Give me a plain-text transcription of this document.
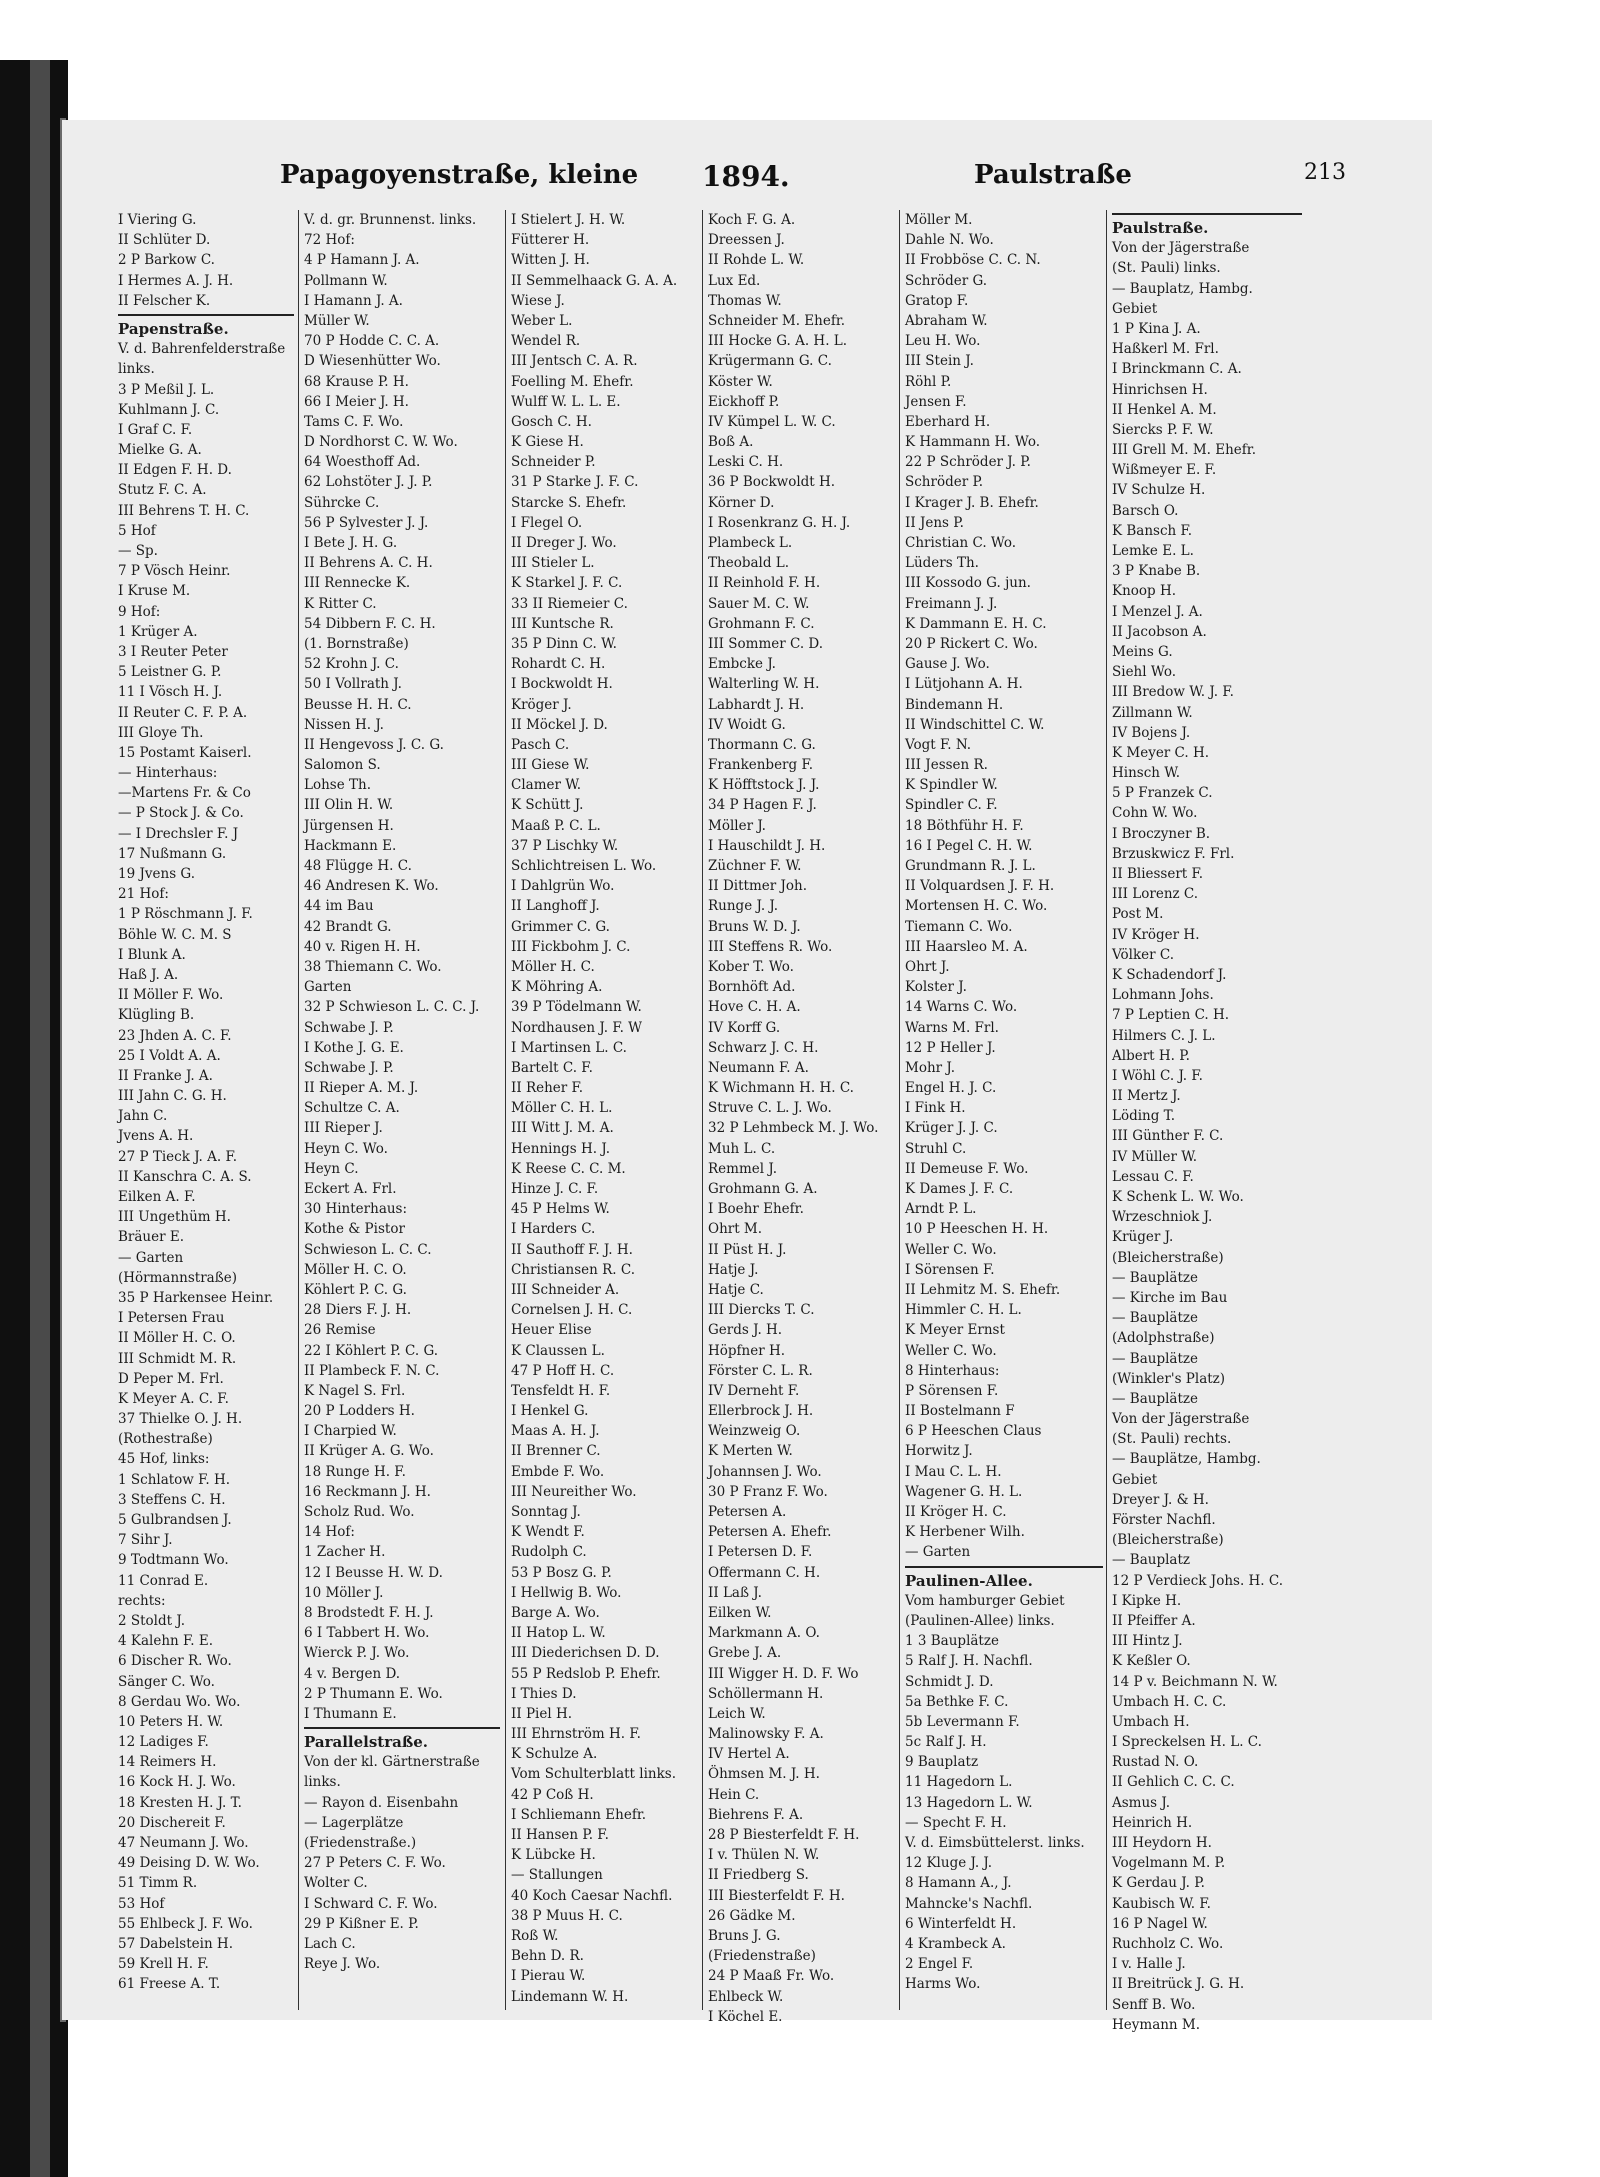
Papagoyenstraße, kleine 1894.	Paulstraße	213
I Viering G.
II Schlüter D.
2 P Barkow C.
I Hermes A. J. H.
II Felscher K.
Papenstraße.
V. d. Bahrenfelderstraße
links.
3 P Meßil J. L.
Kuhlmann J. C.
I Graf C. F.
Mielke G. A.
II Edgen F. H. D.
Stutz F. C. A.
III Behrens T. H. C.
5 Hof
— Sp.
7 P Vösch Heinr.
I Kruse M.
9 Hof:
1 Krüger A.
3 I Reuter Peter
5 Leistner G. P.
11 I Vösch H. J.
II Reuter C. F. P. A.
III Gloye Th.
15 Postamt Kaiserl.
— Hinterhaus:
—Martens Fr. & Co
— P Stock J. & Co.
— I Drechsler F. J
17 Nußmann G.
19 Jvens G.
21 Hof:
1 P Röschmann J. F.
Böhle W. C. M. S
I Blunk A.
Haß J. A.
II Möller F. Wo.
Klügling B.
23 Jhden A. C. F.
25 I Voldt A. A.
II Franke J. A.
III Jahn C. G. H.
Jahn C.
Jvens A. H.
27 P Tieck J. A. F.
II Kanschra C. A. S.
Eilken A. F.
III Ungethüm H.
Bräuer E.
— Garten
(Hörmannstraße)
35 P Harkensee Heinr.
I Petersen Frau
II Möller H. C. O.
III Schmidt M. R.
D Peper M. Frl.
K Meyer A. C. F.
37 Thielke O. J. H.
(Rothestraße)
45 Hof, links:
1 Schlatow F. H.
3 Steffens C. H.
5 Gulbrandsen J.
7 Sihr J.
9 Todtmann Wo.
11 Conrad E.
rechts:
2 Stoldt J.
4 Kalehn F. E.
6 Discher R. Wo.
Sänger C. Wo.
8 Gerdau Wo. Wo.
10 Peters H. W.
12 Ladiges F.
14 Reimers H.
16 Kock H. J. Wo.
18 Kresten H. J. T.
20 Dischereit F.
47 Neumann J. Wo.
49 Deising D. W. Wo.
51 Timm R.
53 Hof
55 Ehlbeck J. F. Wo.
57 Dabelstein H.
59 Krell H. F.
61 Freese A. T.
V. d. gr. Brunnenst. links.
72 Hof:
4 P Hamann J. A.
Pollmann W.
I Hamann J. A.
Müller W.
70 P Hodde C. C. A.
D Wiesenhütter Wo.
68 Krause P. H.
66 I Meier J. H.
Tams C. F. Wo.
D Nordhorst C. W. Wo.
64 Woesthoff Ad.
62 Lohstöter J. J. P.
Sührcke C.
56 P Sylvester J. J.
I Bete J. H. G.
II Behrens A. C. H.
III Rennecke K.
K Ritter C.
54 Dibbern F. C. H.
(1. Bornstraße)
52 Krohn J. C.
50 I Vollrath J.
Beusse H. H. C.
Nissen H. J.
II Hengevoss J. C. G.
Salomon S.
Lohse Th.
III Olin H. W.
Jürgensen H.
Hackmann E.
48 Flügge H. C.
46 Andresen K. Wo.
44 im Bau
42 Brandt G.
40 v. Rigen H. H.
38 Thiemann C. Wo.
Garten
32 P Schwieson L. C. C. J.
Schwabe J. P.
I Kothe J. G. E.
Schwabe J. P.
II Rieper A. M. J.
Schultze C. A.
III Rieper J.
Heyn C. Wo.
Heyn C.
Eckert A. Frl.
30 Hinterhaus:
Kothe & Pistor
Schwieson L. C. C.
Möller H. C. O.
Köhlert P. C. G.
28 Diers F. J. H.
26 Remise
22 I Köhlert P. C. G.
II Plambeck F. N. C.
K Nagel S. Frl.
20 P Lodders H.
I Charpied W.
II Krüger A. G. Wo.
18 Runge H. F.
16 Reckmann J. H.
Scholz Rud. Wo.
14 Hof:
1 Zacher H.
12 I Beusse H. W. D.
10 Möller J.
8 Brodstedt F. H. J.
6 I Tabbert H. Wo.
Wierck P. J. Wo.
4 v. Bergen D.
2 P Thumann E. Wo.
I Thumann E.
Parallelstraße.
Von der kl. Gärtnerstraße
links.
— Rayon d. Eisenbahn
— Lagerplätze
(Friedenstraße.)
27 P Peters C. F. Wo.
Wolter C.
I Schward C. F. Wo.
29 P Kißner E. P.
Lach C.
Reye J. Wo.
I Stielert J. H. W.
Fütterer H.
Witten J. H.
II Semmelhaack G. A. A.
Wiese J.
Weber L.
Wendel R.
III Jentsch C. A. R.
Foelling M. Ehefr.
Wulff W. L. L. E.
Gosch C. H.
K Giese H.
Schneider P.
31 P Starke J. F. C.
Starcke S. Ehefr.
I Flegel O.
II Dreger J. Wo.
III Stieler L.
K Starkel J. F. C.
33 II Riemeier C.
III Kuntsche R.
35 P Dinn C. W.
Rohardt C. H.
I Bockwoldt H.
Kröger J.
II Möckel J. D.
Pasch C.
III Giese W.
Clamer W.
K Schütt J.
Maaß P. C. L.
37 P Lischky W.
Schlichtreisen L. Wo.
I Dahlgrün Wo.
II Langhoff J.
Grimmer C. G.
III Fickbohm J. C.
Möller H. C.
K Möhring A.
39 P Tödelmann W.
Nordhausen J. F. W
I Martinsen L. C.
Bartelt C. F.
II Reher F.
Möller C. H. L.
III Witt J. M. A.
Hennings H. J.
K Reese C. C. M.
Hinze J. C. F.
45 P Helms W.
I Harders C.
II Sauthoff F. J. H.
Christiansen R. C.
III Schneider A.
Cornelsen J. H. C.
Heuer Elise
K Claussen L.
47 P Hoff H. C.
Tensfeldt H. F.
I Henkel G.
Maas A. H. J.
II Brenner C.
Embde F. Wo.
III Neureither Wo.
Sonntag J.
K Wendt F.
Rudolph C.
53 P Bosz G. P.
I Hellwig B. Wo.
Barge A. Wo.
II Hatop L. W.
III Diederichsen D. D.
55 P Redslob P. Ehefr.
I Thies D.
II Piel H.
III Ehrnström H. F.
K Schulze A.
Vom Schulterblatt links.
42 P Coß H.
I Schliemann Ehefr.
II Hansen P. F.
K Lübcke H.
— Stallungen
40 Koch Caesar Nachfl.
38 P Muus H. C.
Roß W.
Behn D. R.
I Pierau W.
Lindemann W. H.
Koch F. G. A.
Dreessen J.
II Rohde L. W.
Lux Ed.
Thomas W.
Schneider M. Ehefr.
III Hocke G. A. H. L.
Krügermann G. C.
Köster W.
Eickhoff P.
IV Kümpel L. W. C.
Boß A.
Leski C. H.
36 P Bockwoldt H.
Körner D.
I Rosenkranz G. H. J.
Plambeck L.
Theobald L.
II Reinhold F. H.
Sauer M. C. W.
Grohmann F. C.
III Sommer C. D.
Embcke J.
Walterling W. H.
Labhardt J. H.
IV Woidt G.
Thormann C. G.
Frankenberg F.
K Höfftstock J. J.
34 P Hagen F. J.
Möller J.
I Hauschildt J. H.
Züchner F. W.
II Dittmer Joh.
Runge J. J.
Bruns W. D. J.
III Steffens R. Wo.
Kober T. Wo.
Bornhöft Ad.
Hove C. H. A.
IV Korff G.
Schwarz J. C. H.
Neumann F. A.
K Wichmann H. H. C.
Struve C. L. J. Wo.
32 P Lehmbeck M. J. Wo.
Muh L. C.
Remmel J.
Grohmann G. A.
I Boehr Ehefr.
Ohrt M.
II Püst H. J.
Hatje J.
Hatje C.
III Diercks T. C.
Gerds J. H.
Höpfner H.
Förster C. L. R.
IV Derneht F.
Ellerbrock J. H.
Weinzweig O.
K Merten W.
Johannsen J. Wo.
30 P Franz F. Wo.
Petersen A.
Petersen A. Ehefr.
I Petersen D. F.
Offermann C. H.
II Laß J.
Eilken W.
Markmann A. O.
Grebe J. A.
III Wigger H. D. F. Wo
Schöllermann H.
Leich W.
Malinowsky F. A.
IV Hertel A.
Öhmsen M. J. H.
Hein C.
Biehrens F. A.
28 P Biesterfeldt F. H.
I v. Thülen N. W.
II Friedberg S.
III Biesterfeldt F. H.
26 Gädke M.
Bruns J. G.
(Friedenstraße)
24 P Maaß Fr. Wo.
Ehlbeck W.
I Köchel E.
Möller M.
Dahle N. Wo.
II Frobböse C. C. N.
Schröder G.
Gratop F.
Abraham W.
Leu H. Wo.
III Stein J.
Röhl P.
Jensen F.
Eberhard H.
K Hammann H. Wo.
22 P Schröder J. P.
Schröder P.
I Krager J. B. Ehefr.
II Jens P.
Christian C. Wo.
Lüders Th.
III Kossodo G. jun.
Freimann J. J.
K Dammann E. H. C.
20 P Rickert C. Wo.
Gause J. Wo.
I Lütjohann A. H.
Bindemann H.
II Windschittel C. W.
Vogt F. N.
III Jessen R.
K Spindler W.
Spindler C. F.
18 Böthführ H. F.
16 I Pegel C. H. W.
Grundmann R. J. L.
II Volquardsen J. F. H.
Mortensen H. C. Wo.
Tiemann C. Wo.
III Haarsleo M. A.
Ohrt J.
Kolster J.
14 Warns C. Wo.
Warns M. Frl.
12 P Heller J.
Mohr J.
Engel H. J. C.
I Fink H.
Krüger J. J. C.
Struhl C.
II Demeuse F. Wo.
K Dames J. F. C.
Arndt P. L.
10 P Heeschen H. H.
Weller C. Wo.
I Sörensen F.
II Lehmitz M. S. Ehefr.
Himmler C. H. L.
K Meyer Ernst
Weller C. Wo.
8 Hinterhaus:
P Sörensen F.
II Bostelmann F
6 P Heeschen Claus
Horwitz J.
I Mau C. L. H.
Wagener G. H. L.
II Kröger H. C.
K Herbener Wilh.
— Garten
Paulinen-Allee.
Vom hamburger Gebiet
(Paulinen-Allee) links.
1 3 Bauplätze
5 Ralf J. H. Nachfl.
Schmidt J. D.
5a Bethke F. C.
5b Levermann F.
5c Ralf J. H.
9 Bauplatz
11 Hagedorn L.
13 Hagedorn L. W.
— Specht F. H.
V. d. Eimsbüttelerst. links.
12 Kluge J. J.
8 Hamann A., J.
Mahncke's Nachfl.
6 Winterfeldt H.
4 Krambeck A.
2 Engel F.
Harms Wo.
Paulstraße.
Von der Jägerstraße
(St. Pauli) links.
— Bauplatz, Hambg.
Gebiet
1 P Kina J. A.
Haßkerl M. Frl.
I Brinckmann C. A.
Hinrichsen H.
II Henkel A. M.
Siercks P. F. W.
III Grell M. M. Ehefr.
Wißmeyer E. F.
IV Schulze H.
Barsch O.
K Bansch F.
Lemke E. L.
3 P Knabe B.
Knoop H.
I Menzel J. A.
II Jacobson A.
Meins G.
Siehl Wo.
III Bredow W. J. F.
Zillmann W.
IV Bojens J.
K Meyer C. H.
Hinsch W.
5 P Franzek C.
Cohn W. Wo.
I Broczyner B.
Brzuskwicz F. Frl.
II Bliessert F.
III Lorenz C.
Post M.
IV Kröger H.
Völker C.
K Schadendorf J.
Lohmann Johs.
7 P Leptien C. H.
Hilmers C. J. L.
Albert H. P.
I Wöhl C. J. F.
II Mertz J.
Löding T.
III Günther F. C.
IV Müller W.
Lessau C. F.
K Schenk L. W. Wo.
Wrzeschniok J.
Krüger J.
(Bleicherstraße)
— Bauplätze
— Kirche im Bau
— Bauplätze
(Adolphstraße)
— Bauplätze
(Winkler's Platz)
— Bauplätze
Von der Jägerstraße
(St. Pauli) rechts.
— Bauplätze, Hambg.
Gebiet
Dreyer J. & H.
Förster Nachfl.
(Bleicherstraße)
— Bauplatz
12 P Verdieck Johs. H. C.
I Kipke H.
II Pfeiffer A.
III Hintz J.
K Keßler O.
14 P v. Beichmann N. W.
Umbach H. C. C.
Umbach H.
I Spreckelsen H. L. C.
Rustad N. O.
II Gehlich C. C. C.
Asmus J.
Heinrich H.
III Heydorn H.
Vogelmann M. P.
K Gerdau J. P.
Kaubisch W. F.
16 P Nagel W.
Ruchholz C. Wo.
I v. Halle J.
II Breitrück J. G. H.
Senff B. Wo.
Heymann M.
